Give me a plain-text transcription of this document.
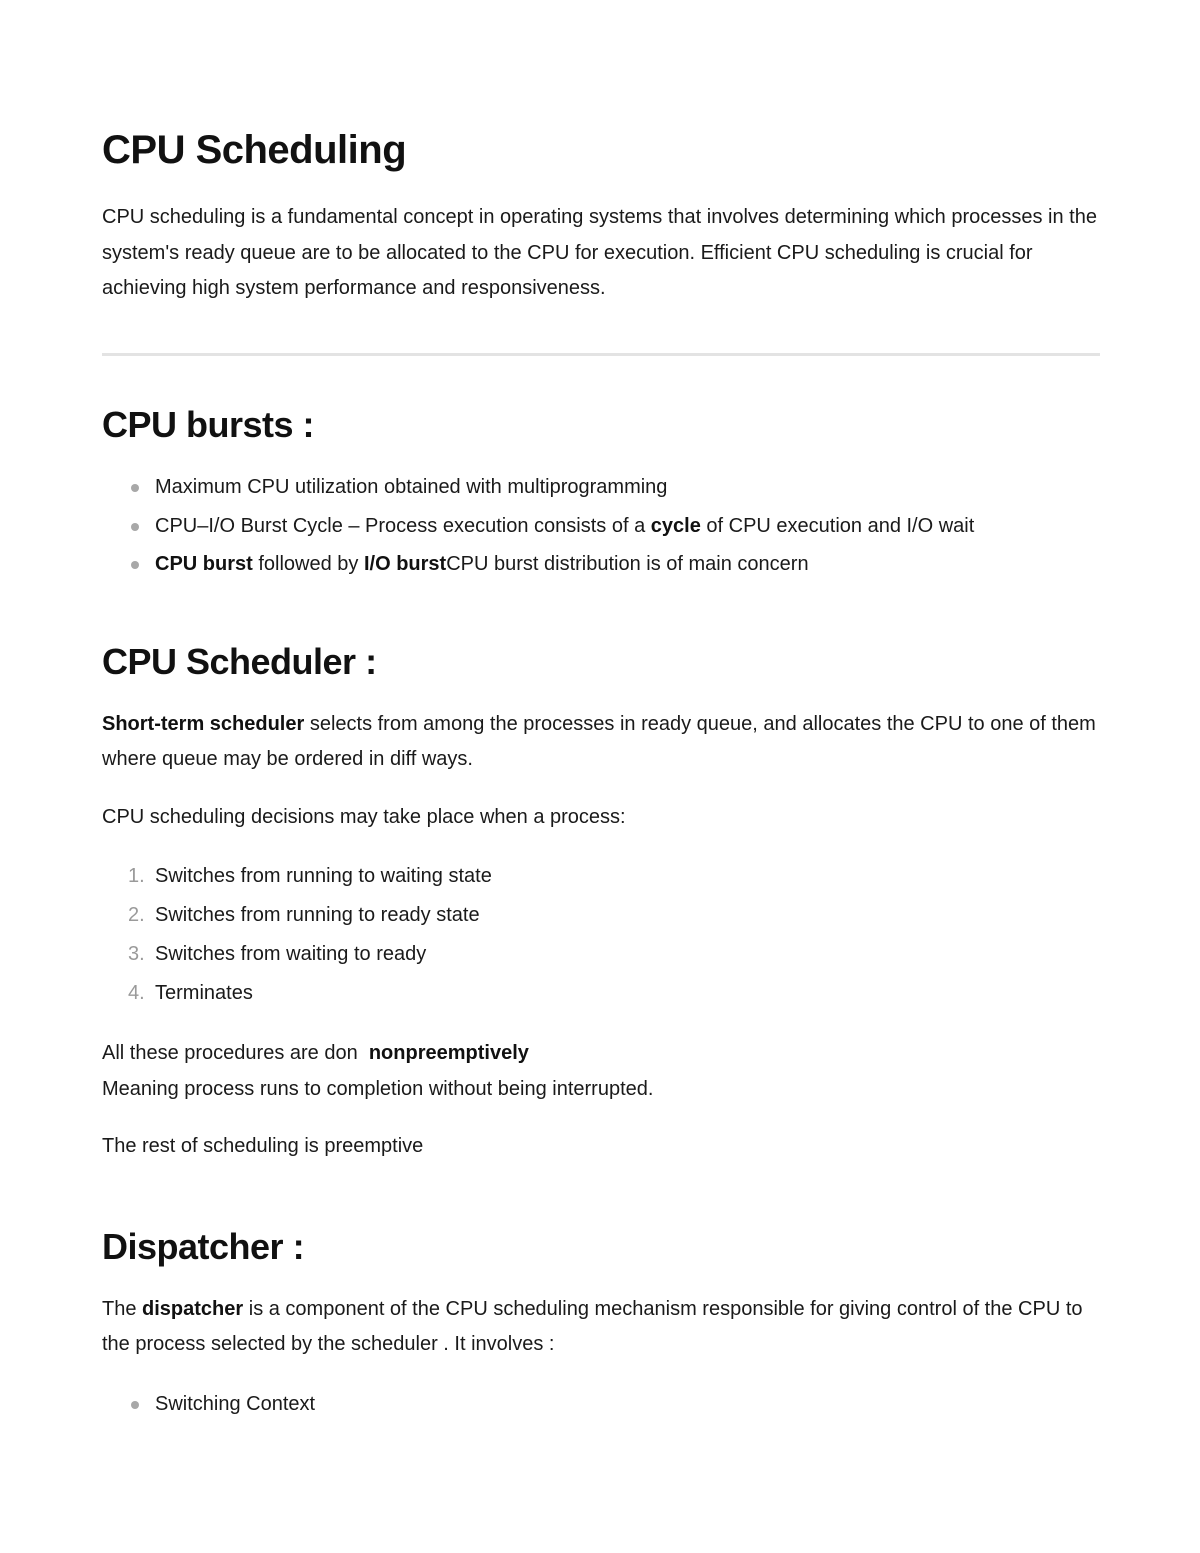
CPU Scheduling

CPU scheduling is a fundamental concept in operating systems that involves determining which processes in the system's ready queue are to be allocated to the CPU for execution. Efficient CPU scheduling is crucial for achieving high system performance and responsiveness.

CPU bursts :
Maximum CPU utilization obtained with multiprogramming
CPU–I/O Burst Cycle – Process execution consists of a cycle of CPU execution and I/O wait
CPU burst followed by I/O burstCPU burst distribution is of main concern
CPU Scheduler :

Short-term scheduler selects from among the processes in ready queue, and allocates the CPU to one of them where queue may be ordered in diff ways.

CPU scheduling decisions may take place when a process:

1. Switches from running to waiting state
2. Switches from running to ready state
3. Switches from waiting to ready
4. Terminates

All these procedures are don  nonpreemptively
Meaning process runs to completion without being interrupted.

The rest of scheduling is preemptive

Dispatcher :

The dispatcher is a component of the CPU scheduling mechanism responsible for giving control of the CPU to the process selected by the scheduler . It involves :

Switching Context
